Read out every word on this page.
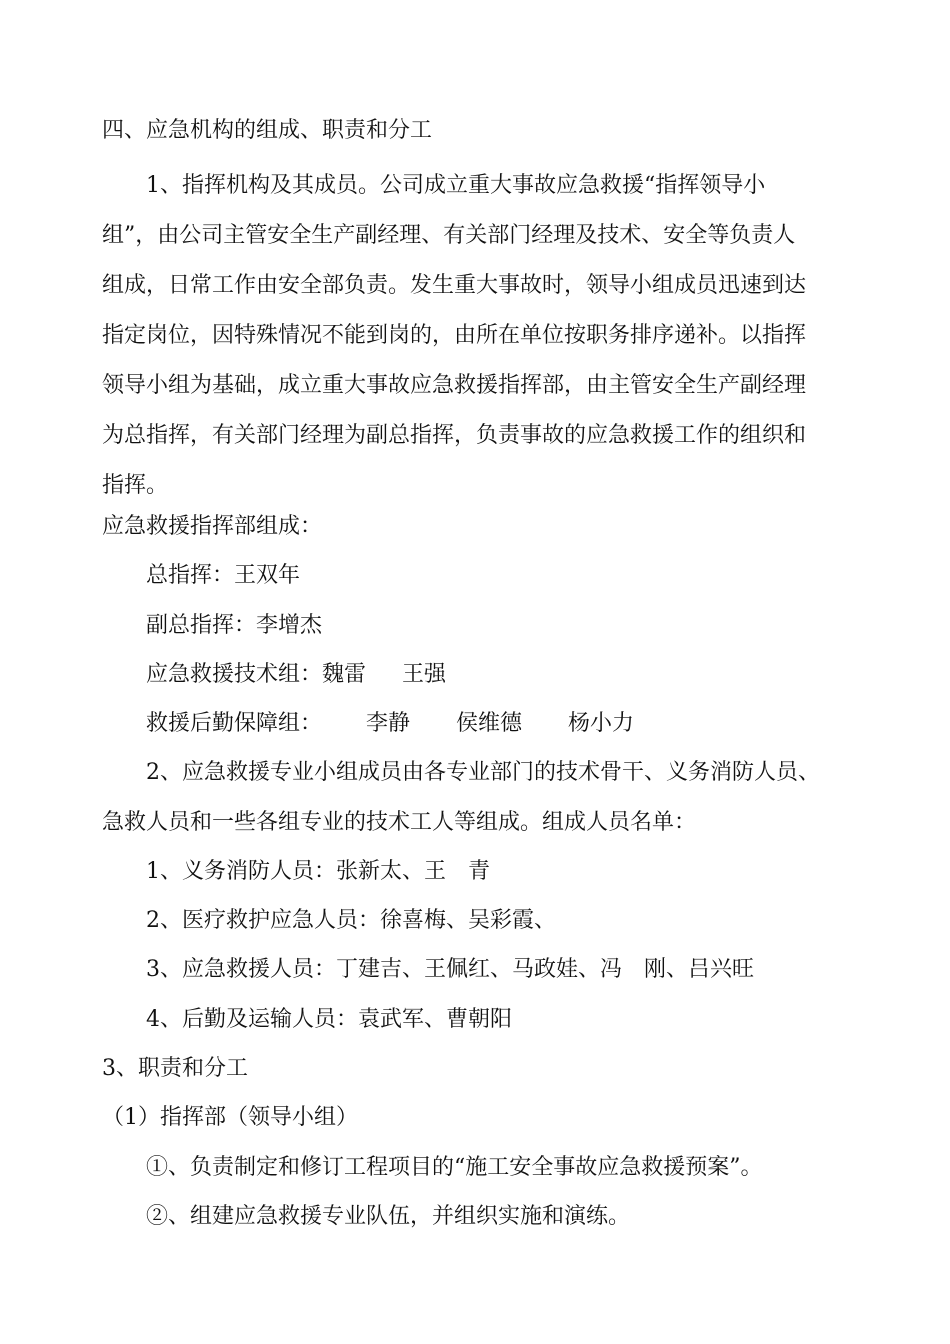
四、应急机构的组成、职责和分工
1、指挥机构及其成员。公司成立重大事故应急救援“指挥领导小
组”，由公司主管安全生产副经理、有关部门经理及技术、安全等负责人
组成，日常工作由安全部负责。发生重大事故时，领导小组成员迅速到达
指定岗位，因特殊情况不能到岗的，由所在单位按职务排序递补。以指挥
领导小组为基础，成立重大事故应急救援指挥部，由主管安全生产副经理
为总指挥，有关部门经理为副总指挥，负责事故的应急救援工作的组织和
指挥。
应急救援指挥部组成：
总指挥：王双年
副总指挥：李增杰
应急救援技术组：魏雷 王强
救援后勤保障组： 李静 侯维德 杨小力
2、应急救援专业小组成员由各专业部门的技术骨干、义务消防人员、
急救人员和一些各组专业的技术工人等组成。组成人员名单：
1、义务消防人员：张新太、王 青
2、医疗救护应急人员：徐喜梅、吴彩霞、
3、应急救援人员：丁建吉、王佩红、马政娃、冯 刚、吕兴旺
4、后勤及运输人员：袁武军、曹朝阳
3、职责和分工
（1）指挥部（领导小组）
①、负责制定和修订工程项目的“施工安全事故应急救援预案”。
②、组建应急救援专业队伍，并组织实施和演练。
